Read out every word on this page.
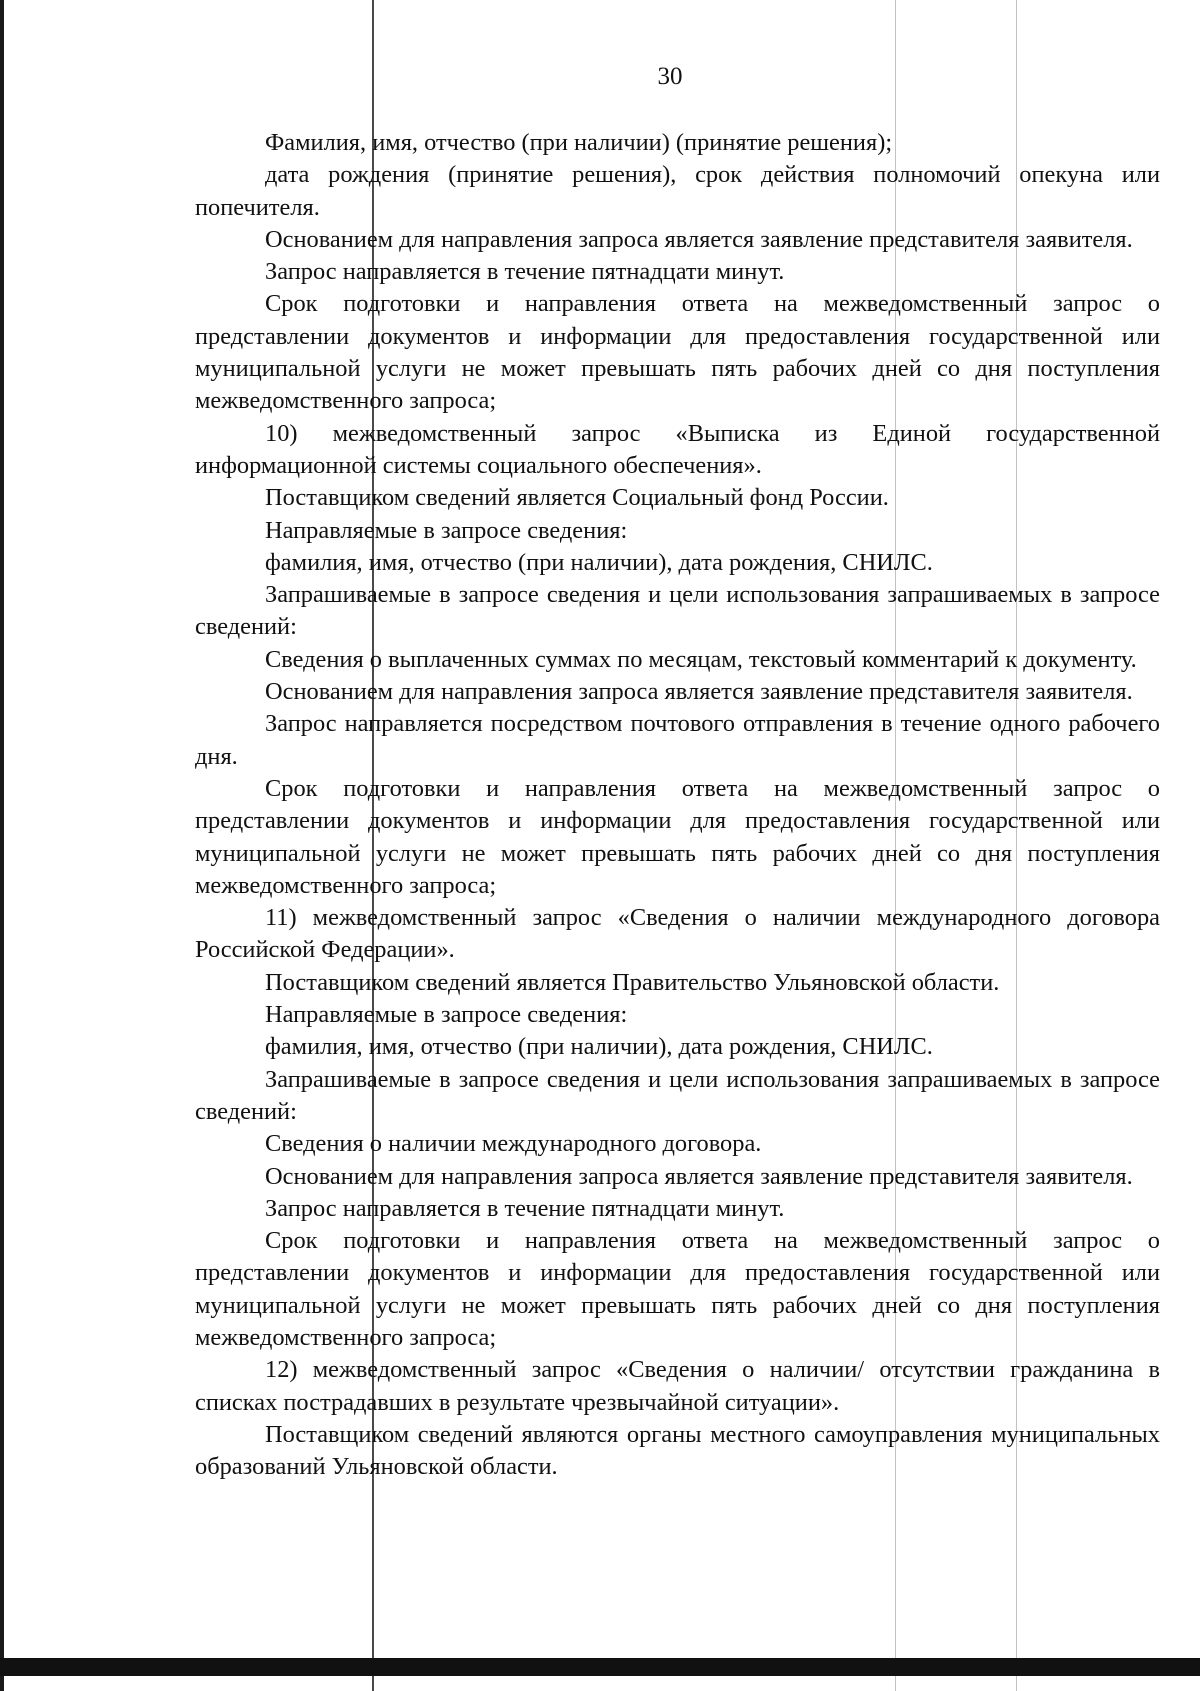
30

Фамилия, имя, отчество (при наличии) (принятие решения);

дата рождения (принятие решения), срок действия полномочий опекуна или попечителя.

Основанием для направления запроса является заявление представителя заявителя.

Запрос направляется в течение пятнадцати минут.

Срок подготовки и направления ответа на межведомственный запрос о представлении документов и информации для предоставления государственной или муниципальной услуги не может превышать пять рабочих дней со дня поступления межведомственного запроса;

10) межведомственный запрос «Выписка из Единой государственной информационной системы социального обеспечения».

Поставщиком сведений является Социальный фонд России.

Направляемые в запросе сведения:

фамилия, имя, отчество (при наличии), дата рождения, СНИЛС.

Запрашиваемые в запросе сведения и цели использования запрашиваемых в запросе сведений:

Сведения о выплаченных суммах по месяцам, текстовый комментарий к документу.

Основанием для направления запроса является заявление представителя заявителя.

Запрос направляется посредством почтового отправления в течение одного рабочего дня.

Срок подготовки и направления ответа на межведомственный запрос о представлении документов и информации для предоставления государственной или муниципальной услуги не может превышать пять рабочих дней со дня поступления межведомственного запроса;

11) межведомственный запрос «Сведения о наличии международного договора Российской Федерации».

Поставщиком сведений является Правительство Ульяновской области.

Направляемые в запросе сведения:

фамилия, имя, отчество (при наличии), дата рождения, СНИЛС.

Запрашиваемые в запросе сведения и цели использования запрашиваемых в запросе сведений:

Сведения о наличии международного договора.

Основанием для направления запроса является заявление представителя заявителя.

Запрос направляется в течение пятнадцати минут.

Срок подготовки и направления ответа на межведомственный запрос о представлении документов и информации для предоставления государственной или муниципальной услуги не может превышать пять рабочих дней со дня поступления межведомственного запроса;

12) межведомственный запрос «Сведения о наличии/ отсутствии гражданина в списках пострадавших в результате чрезвычайной ситуации».

Поставщиком сведений являются органы местного самоуправления муниципальных образований Ульяновской области.
